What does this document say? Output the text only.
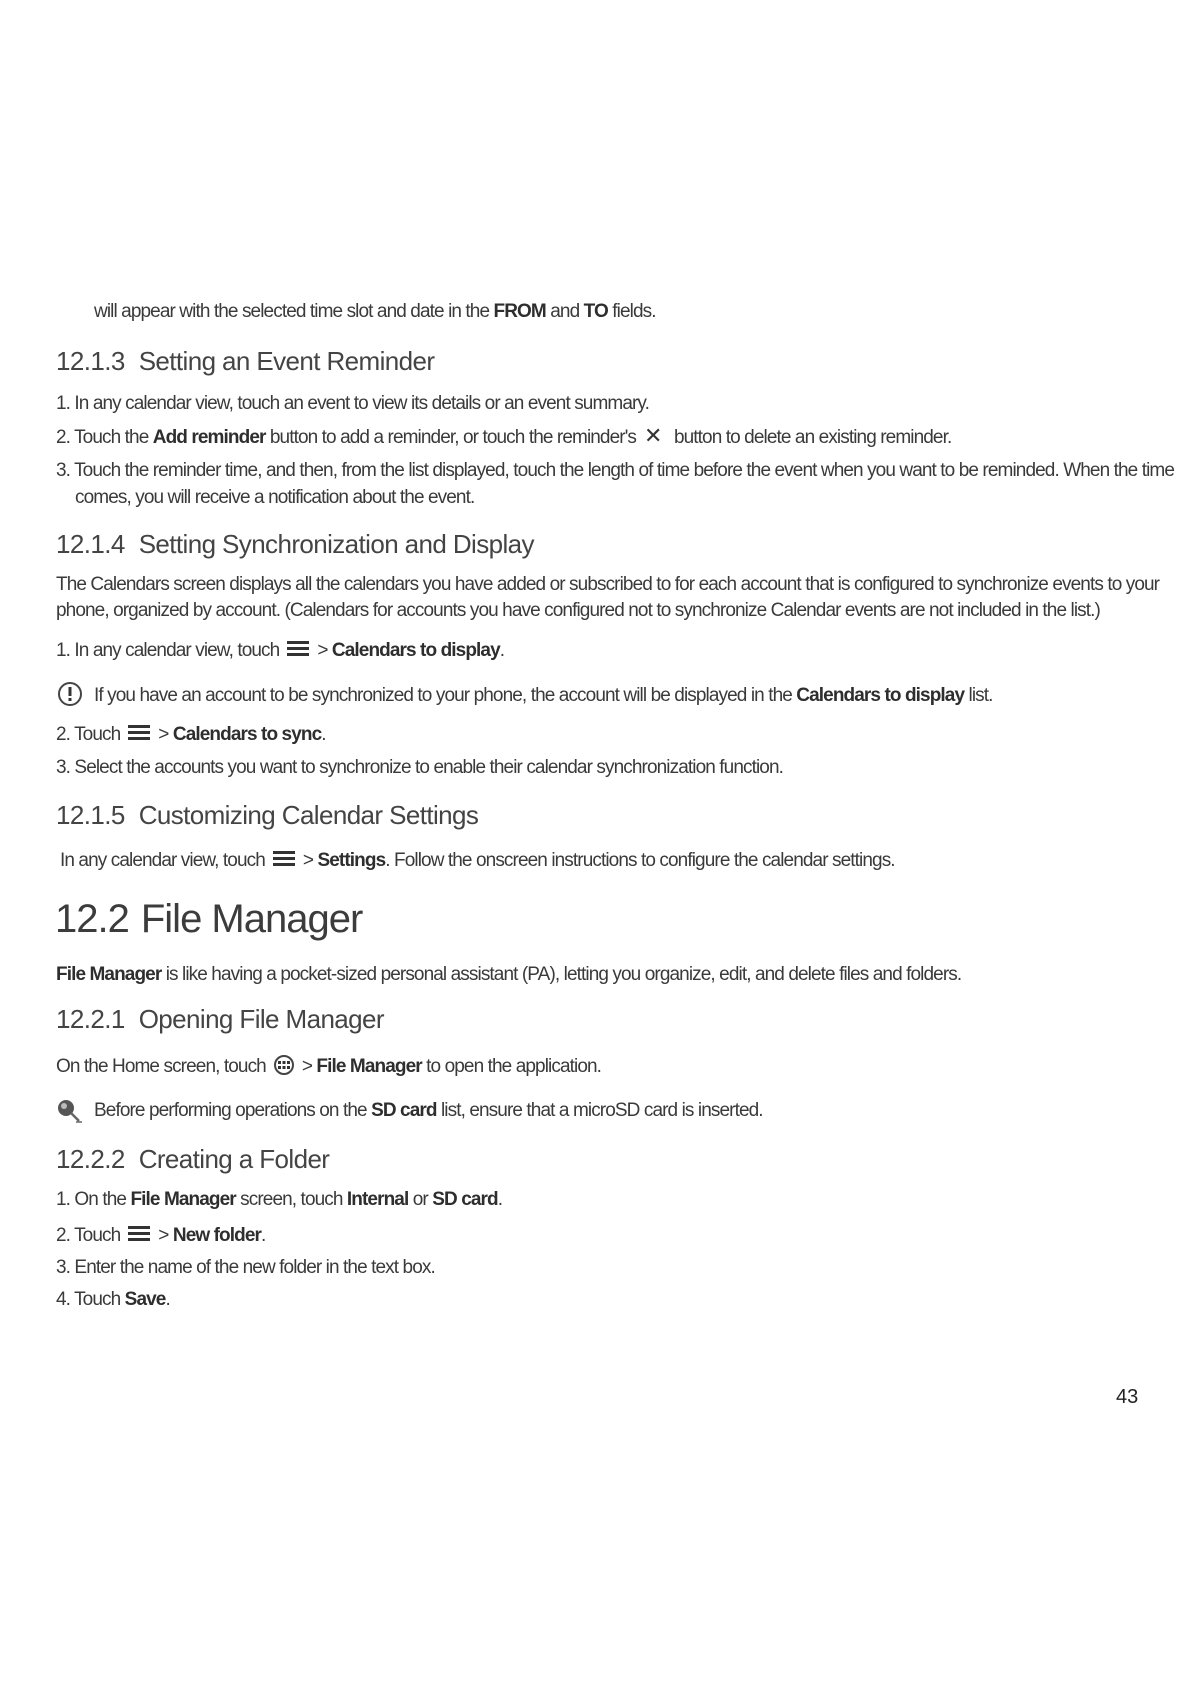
will appear with the selected time slot and date in the FROM and TO fields.
12.1.3 Setting an Event Reminder
1. In any calendar view, touch an event to view its details or an event summary.
2. Touch the Add reminder button to add a reminder, or touch the reminder's ✕ button to delete an existing reminder.
3. Touch the reminder time, and then, from the list displayed, touch the length of time before the event when you want to be reminded. When the time
comes, you will receive a notification about the event.
12.1.4 Setting Synchronization and Display
The Calendars screen displays all the calendars you have added or subscribed to for each account that is configured to synchronize events to your
phone, organized by account. (Calendars for accounts you have configured not to synchronize Calendar events are not included in the list.)
1. In any calendar view, touch > Calendars to display.
If you have an account to be synchronized to your phone, the account will be displayed in the Calendars to display list.
2. Touch > Calendars to sync.
3. Select the accounts you want to synchronize to enable their calendar synchronization function.
12.1.5 Customizing Calendar Settings
In any calendar view, touch > Settings. Follow the onscreen instructions to configure the calendar settings.
12.2 File Manager
File Manager is like having a pocket-sized personal assistant (PA), letting you organize, edit, and delete files and folders.
12.2.1 Opening File Manager
On the Home screen, touch > File Manager to open the application.
Before performing operations on the SD card list, ensure that a microSD card is inserted.
12.2.2 Creating a Folder
1. On the File Manager screen, touch Internal or SD card.
2. Touch > New folder.
3. Enter the name of the new folder in the text box.
4. Touch Save.
43
